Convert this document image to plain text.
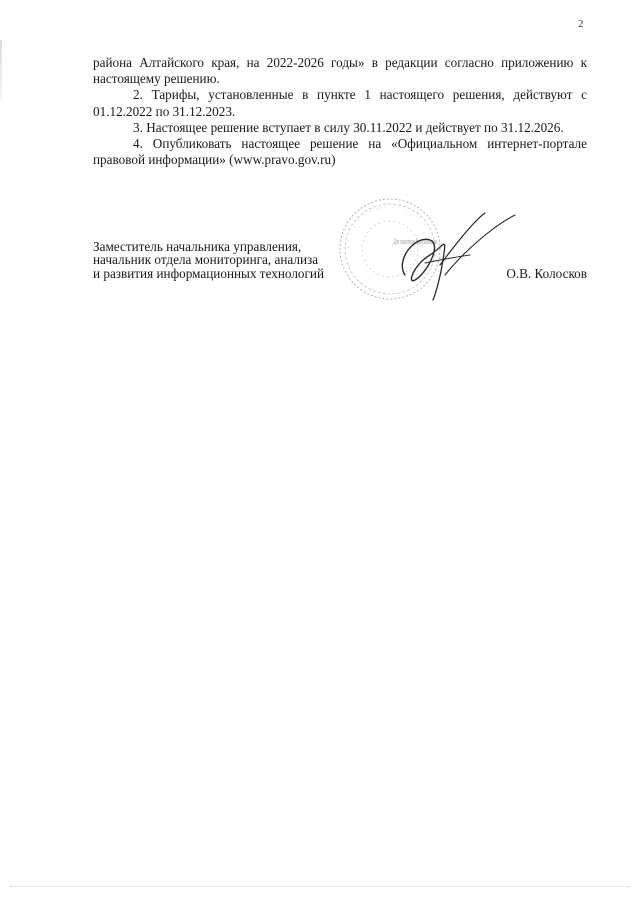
2

района Алтайского края, на 2022-2026 годы» в редакции согласно приложению к настоящему решению.

2. Тарифы, установленные в пункте 1 настоящего решения, действуют с 01.12.2022 по 31.12.2023.

3. Настоящее решение вступает в силу 30.11.2022 и действует по 31.12.2026.

4. Опубликовать настоящее решение на «Официальном интернет-портале правовой информации» (www.pravo.gov.ru)

· · · · · · · · · · · · · · · · · · · · · · ·
Для пакетов документов
Заместитель начальника управления,
начальник отдела мониторинга, анализа
и развития информационных технологий	О.В. Колосков
